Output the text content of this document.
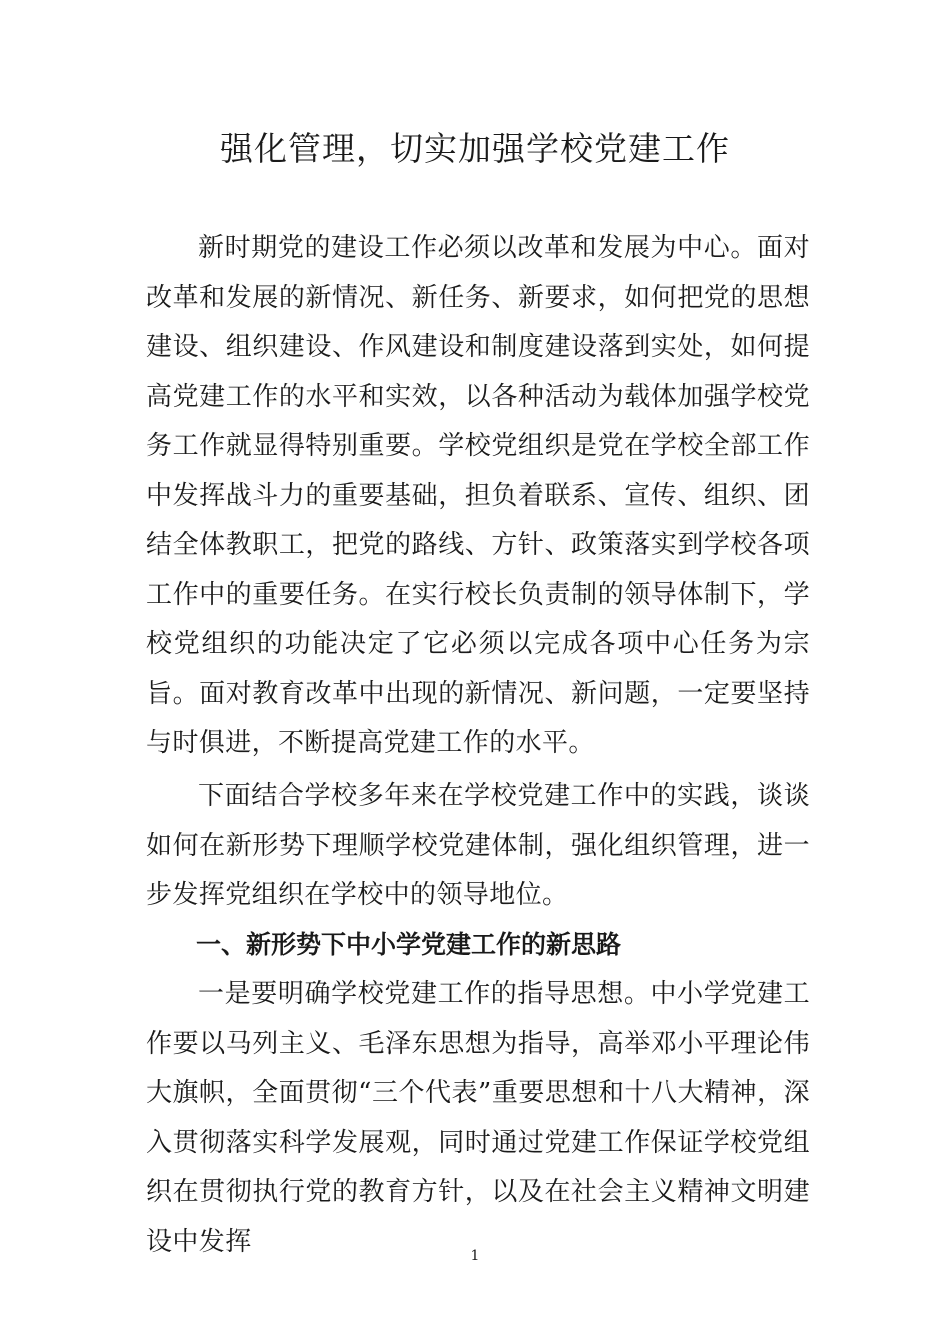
强化管理，切实加强学校党建工作

新时期党的建设工作必须以改革和发展为中心。面对改革和发展的新情况、新任务、新要求，如何把党的思想建设、组织建设、作风建设和制度建设落到实处，如何提高党建工作的水平和实效，以各种活动为载体加强学校党务工作就显得特别重要。学校党组织是党在学校全部工作中发挥战斗力的重要基础，担负着联系、宣传、组织、团结全体教职工，把党的路线、方针、政策落实到学校各项工作中的重要任务。在实行校长负责制的领导体制下，学校党组织的功能决定了它必须以完成各项中心任务为宗旨。面对教育改革中出现的新情况、新问题，一定要坚持与时俱进，不断提高党建工作的水平。

下面结合学校多年来在学校党建工作中的实践，谈谈如何在新形势下理顺学校党建体制，强化组织管理，进一步发挥党组织在学校中的领导地位。

一、新形势下中小学党建工作的新思路

一是要明确学校党建工作的指导思想。中小学党建工作要以马列主义、毛泽东思想为指导，高举邓小平理论伟大旗帜，全面贯彻“三个代表”重要思想和十八大精神，深入贯彻落实科学发展观，同时通过党建工作保证学校党组织在贯彻执行党的教育方针，以及在社会主义精神文明建设中发挥	1
